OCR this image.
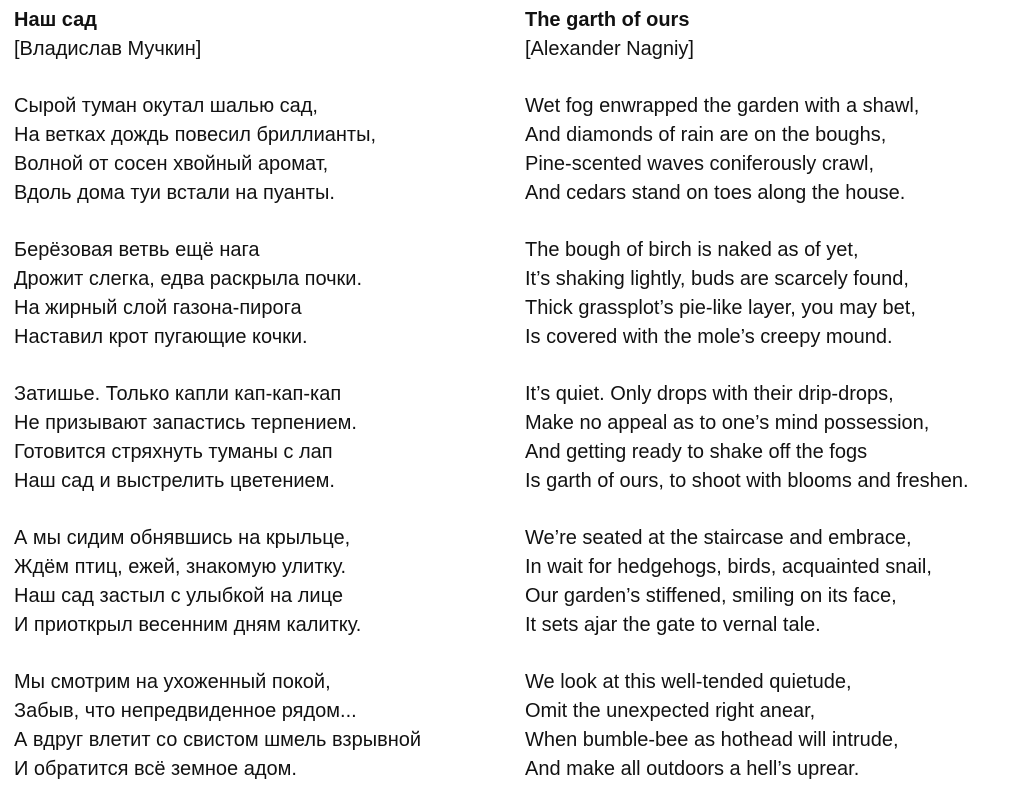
Наш сад
[Владислав Мучкин]
Сырой туман окутал шалью сад,
На ветках дождь повесил бриллианты,
Волной от сосен хвойный аромат,
Вдоль дома туи встали на пуанты.
Берёзовая ветвь ещё нага
Дрожит слегка, едва раскрыла почки.
На жирный слой газона-пирога
Наставил крот пугающие кочки.
Затишье. Только капли кап-кап-кап
Не призывают запастись терпением.
Готовится стряхнуть туманы с лап
Наш сад и выстрелить цветением.
А мы сидим обнявшись на крыльце,
Ждём птиц, ежей, знакомую улитку.
Наш сад застыл с улыбкой на лице
И приоткрыл весенним дням калитку.
Мы смотрим на ухоженный покой,
Забыв, что непредвиденное рядом...
А вдруг влетит со свистом шмель взрывной
И обратится всё земное адом.
The garth of ours
[Alexander Nagniy]
Wet fog enwrapped the garden with a shawl,
And diamonds of rain are on the boughs,
Pine-scented waves coniferously crawl,
And cedars stand on toes along the house.
The bough of birch is naked as of yet,
It’s shaking lightly, buds are scarcely found,
Thick grassplot’s pie-like layer, you may bet,
Is covered with the mole’s creepy mound.
It’s quiet. Only drops with their drip-drops,
Make no appeal as to one’s mind possession,
And getting ready to shake off the fogs
Is garth of ours, to shoot with blooms and freshen.
We’re seated at the staircase and embrace,
In wait for hedgehogs, birds, acquainted snail,
Our garden’s stiffened, smiling on its face,
It sets ajar the gate to vernal tale.
We look at this well-tended quietude,
Omit the unexpected right anear,
When bumble-bee as hothead will intrude,
And make all outdoors a hell’s uprear.
